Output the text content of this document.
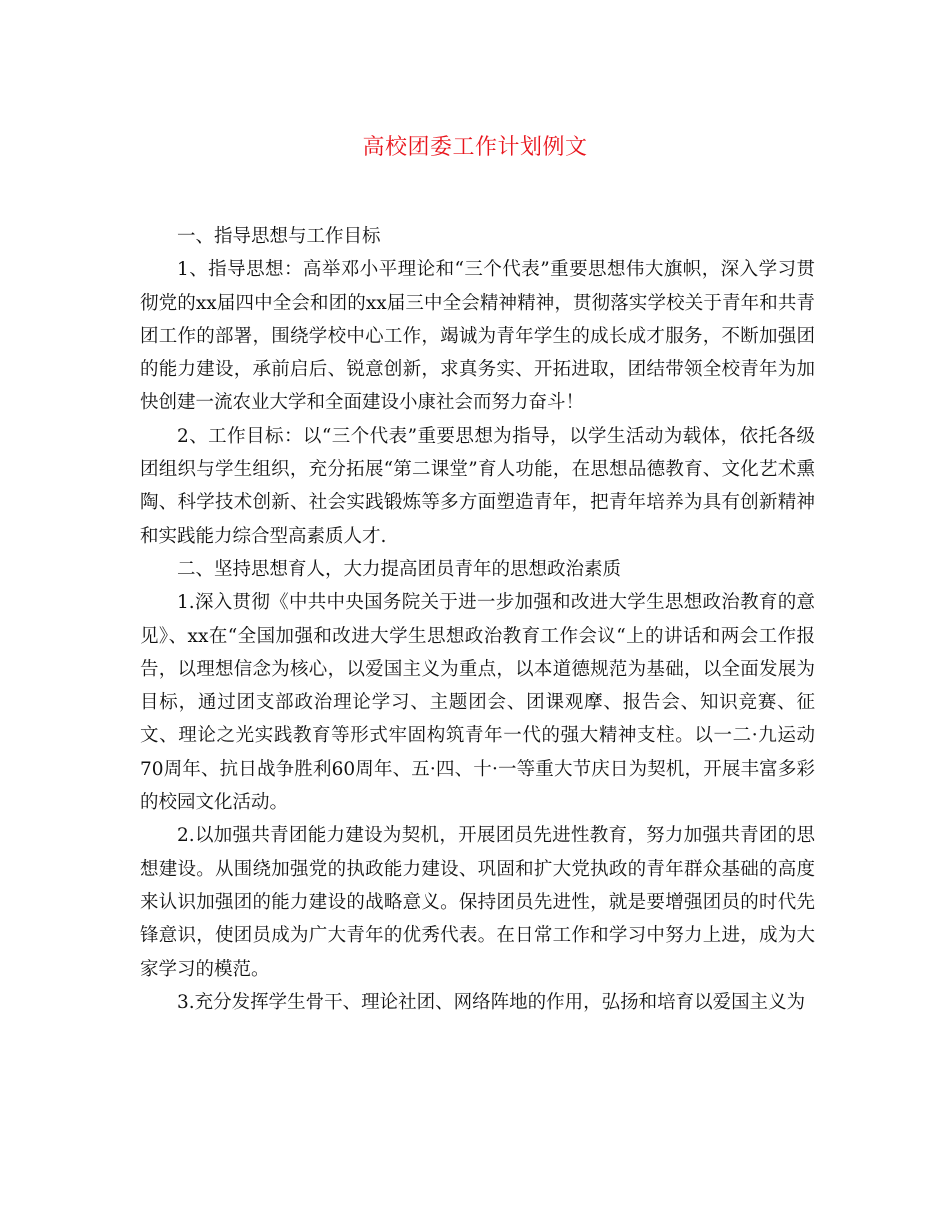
高校团委工作计划例文

一、指导思想与工作目标

1、指导思想：高举邓小平理论和“三个代表”重要思想伟大旗帜，深入学习贯彻党的xx届四中全会和团的xx届三中全会精神精神，贯彻落实学校关于青年和共青团工作的部署，围绕学校中心工作，竭诚为青年学生的成长成才服务，不断加强团的能力建设，承前启后、锐意创新，求真务实、开拓进取，团结带领全校青年为加快创建一流农业大学和全面建设小康社会而努力奋斗！

2、工作目标：以“三个代表”重要思想为指导，以学生活动为载体，依托各级团组织与学生组织，充分拓展“第二课堂”育人功能，在思想品德教育、文化艺术熏陶、科学技术创新、社会实践锻炼等多方面塑造青年，把青年培养为具有创新精神和实践能力综合型高素质人才.

二、坚持思想育人，大力提高团员青年的思想政治素质

1.深入贯彻《中共中央国务院关于进一步加强和改进大学生思想政治教育的意见》、xx在“全国加强和改进大学生思想政治教育工作会议“上的讲话和两会工作报告，以理想信念为核心，以爱国主义为重点，以本道德规范为基础，以全面发展为目标，通过团支部政治理论学习、主题团会、团课观摩、报告会、知识竞赛、征文、理论之光实践教育等形式牢固构筑青年一代的强大精神支柱。以一二·九运动70周年、抗日战争胜利60周年、五·四、十·一等重大节庆日为契机，开展丰富多彩的校园文化活动。

2.以加强共青团能力建设为契机，开展团员先进性教育，努力加强共青团的思想建设。从围绕加强党的执政能力建设、巩固和扩大党执政的青年群众基础的高度来认识加强团的能力建设的战略意义。保持团员先进性，就是要增强团员的时代先锋意识，使团员成为广大青年的优秀代表。在日常工作和学习中努力上进，成为大家学习的模范。

3.充分发挥学生骨干、理论社团、网络阵地的作用，弘扬和培育以爱国主义为
